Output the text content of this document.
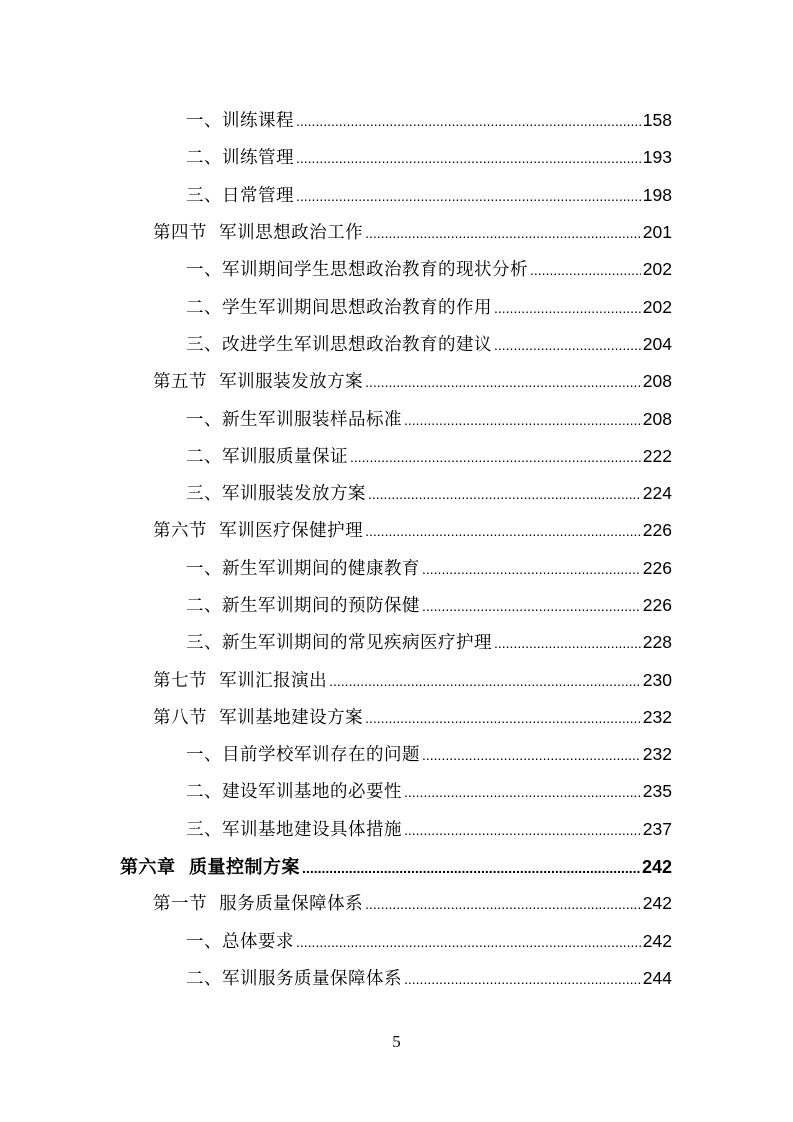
一、训练课程 .....	158
二、训练管理 .....	193
三、日常管理 .....	198
第四节  军训思想政治工作 .....	201
一、军训期间学生思想政治教育的现状分析 .....	202
二、学生军训期间思想政治教育的作用 .....	202
三、改进学生军训思想政治教育的建议 .....	204
第五节  军训服装发放方案 .....	208
一、新生军训服装样品标准 .....	208
二、军训服质量保证 .....	222
三、军训服装发放方案 .....	224
第六节  军训医疗保健护理 .....	226
一、新生军训期间的健康教育 .....	226
二、新生军训期间的预防保健 .....	226
三、新生军训期间的常见疾病医疗护理 .....	228
第七节  军训汇报演出 .....	230
第八节  军训基地建设方案 .....	232
一、目前学校军训存在的问题 .....	232
二、建设军训基地的必要性 .....	235
三、军训基地建设具体措施 .....	237
第六章  质量控制方案 .....	242
第一节  服务质量保障体系 .....	242
一、总体要求 .....	242
二、军训服务质量保障体系 .....	244
5
